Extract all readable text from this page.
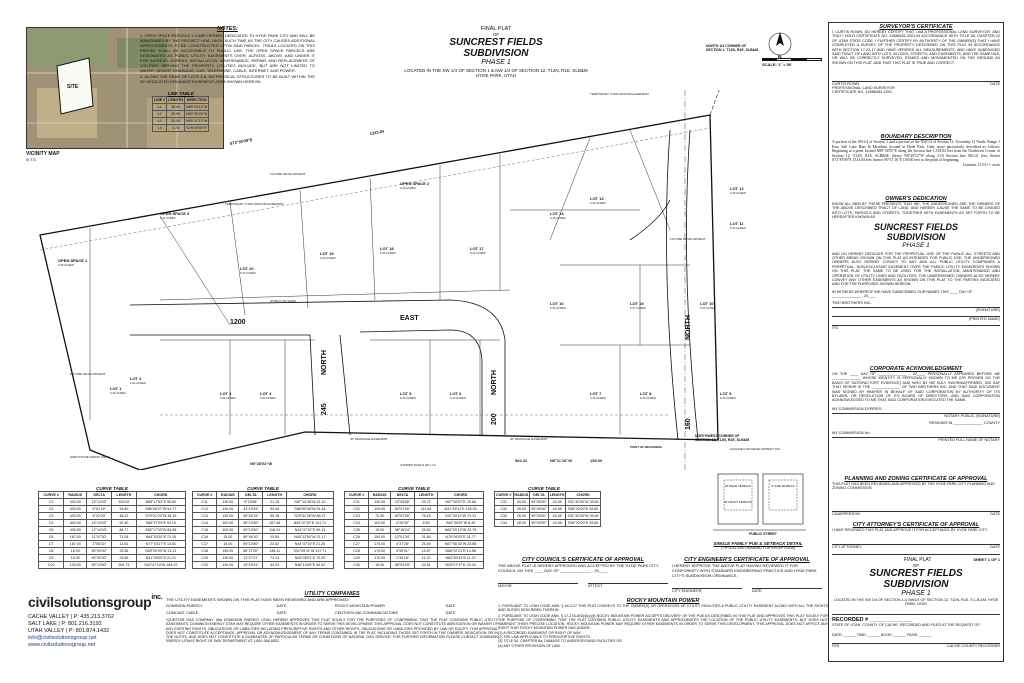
SITE
VICINITY MAP
N.T.S.
NOTES:
1. OPEN SPACE PARCELS 1-3 ARE HEREBY DEDICATED TO HYDE PARK CITY AND WILL BE MAINTAINED BY THE PROJECT HOA, UNTIL SUCH TIME AS THE CITY CAUSES ADDITIONAL IMPROVEMENTS TO BE CONSTRUCTED UPON SAID PARCEL. TRAILS LOCATED ON THIS PARCEL SHALL BE ACCESSIBLE TO PUBLIC USE. THE OPEN SPACE PARCELS ARE DESIGNATED AS PUBLIC UTILITY EASEMENTS OVER, ACROSS, ABOVE, AND UNDER IT FOR INGRESS, EGRESS, INSTALLATION, MAINTENANCE, REPAIR, AND REPLACEMENT OF UTILITIES SERVING THE PROPERTY. UTILITIES INCLUDE, BUT ARE NOT LIMITED TO WATER, SEWER, DRAINAGE, GAS, TELEPHONE, CABLE, INTERNET, AND POWER.
2. ALONG THE REAR OF LOTS 4-8, NO PHYSICAL STRUCTURES TO BE BUILT WITHIN THE 40' DEDICATED DRAINAGE EASEMENT AREA SHOWN HEREON.
LINE TABLE
LINE #	LENGTH	DIRECTION
L1	30.00	N89°24'13"W
L2	30.00	N59°35'26"W
L3	30.00	N59°37'12"W
L4	0.78	N76°49'09"E
FINAL PLAT
OF
SUNCREST FIELDS
SUBDIVISION
PHASE 1
LOCATED IN THE SW 1/4 OF SECTION 1 & NW 1/4 OF SECTION 12, T12N, R1E, SLB&M
HYDE PARK, UTAH
1200
EAST
245
NORTH
200
NORTH
160
NORTH
LOT 1
0.46 ACRES
LOT 2
0.44 ACRES
LOT 3
0.44 ACRES
LOT 4
0.44 ACRES
LOT 5
0.44 ACRES
LOT 6
0.44 ACRES
LOT 7
0.44 ACRES
LOT 8
0.44 ACRES
LOT 9
0.44 ACRES
LOT 10
0.44 ACRES
LOT 11
0.44 ACRES
LOT 12
0.44 ACRES
LOT 13
0.44 ACRES
LOT 14
0.46 ACRES
LOT 15
0.47 ACRES
LOT 16
0.44 ACRES
LOT 17
0.44 ACRES
LOT 18
0.44 ACRES
LOT 19
0.44 ACRES
LOT 20
0.71 ACRES
OPEN SPACE 1
0.35 ACRES
OPEN SPACE 2
0.46 ACRES
OPEN SPACE 3
0.11 ACRES
S72°39'09"E
1343.84
N0°28'52"W
N0°11'16"W	158.00
982.41
FUTURE DEVELOPMENT
FUTURE DEVELOPMENT
FUTURE DEVELOPMENT
TEMPORARY TURN AROUND EASEMENT
TEMPORARY TURN AROUND EASEMENT
40' DRAINAGE EASEMENT	40' DRAINAGE EASEMENT
POINT OF BEGINNING
GREYSTONE FARMS UNIT 2
CHANCELLOR DEVELOPMENT INC.
JUNIPER TRAILS HP, LLC
(PUBLIC 66' WIDE)
SCALE: 1" = 50'
NORTH 1/4 CORNER OF SECTION 1, T12N, R1E, SLB&M
NORTHWEST CORNER OF SECTION 12, T12N, R1E, SLB&M
CURVE TABLE
CURVE #	RADIUS	DELTA	LENGTH	CHORD
C1	433.00	13°14'03"	100.02	N85°17'62"E 99.80
C2	433.00	6°51'15"	51.80	S86°28'27"W 51.77
C3	433.00	6°22'03"	48.22	S79°21'23"W 48.19
C4	400.00	13°14'03"	92.40	S85°17'03"E 92.19
C5	400.00	13°14'03"	84.77	S83°17'03"W 84.58
C6	167.00	11°07'30"	71.26	N84°20'20"E 71.15
C7	167.00	2°06'33"	13.51	N77°43'17"E 13.51
C8	15.00	90°00'00"	23.56	N59°20'00"W 21.21
C9	15.00	90°00'00"	23.56	N31°40'00"E 21.21
C10	133.00	90°13'50"	204.73	S44°47'10"W 184.22
CURVE TABLE
CURVE #	RADIUS	DELTA	LENGTH	CHORD
C11	130.00	9°19'58"	21.15	S87°14'46"W 21.10
C12	130.00	41°10'53"	93.44	S66°00'08"W 91.44
C13	130.00	39°44'19"	90.16	S29°32'26"W 88.37
C14	100.00	90°13'50"	157.48	N44°47'10"E 141.71
C15	100.00	90°13'50"	118.24	N44°47'10"E 99.13
C16	15.00	89°46'10"	23.50	N45°12'50"W 21.17
C17	15.00	90°13'50"	23.62	N44°47'10"E 21.26
C18	130.00	65°27'00"	145.11	S31°09'11"W 137.71
C19	130.00	11°27'21"	71.14	N25°25'21"E 70.29
C20	130.00	19°29'41"	44.23	N46°10'45"E 44.02
CURVE TABLE
CURVE #	RADIUS	DELTA	LENGTH	CHORD
C21	130.00	13°05'58"	29.72	N57°39'57"E 29.66
C22	100.00	63°57'50"	111.64	N31°39'11"E 105.93
C23	70.00	63°57'50"	78.15	S31°39'11"W 74.13
C24	110.00	4°25'30"	8.50	S63°30'51"W 8.49
C25	15.00	98°16'24"	25.82	N62°29'12"W 22.75
C26	100.00	13°01'34"	31.84	N70°09'03"E 31.77
C27	170.00	4°37'28"	25.59	N67°56'30"W 25.56
C28	170.00	4°59'31"	14.57	N66°02'21"E 14.56
C29	170.00	1°40'16"	11.22	N64°35'32"E 11.22
C30	15.00	85°53'33"	22.61	N29°27'47"E 20.34
CURVE TABLE
CURVE #	RADIUS	DELTA	LENGTH	CHORD
C31	28.00	90°00'00"	43.98	S31°40'00"W 39.60
C32	28.00	90°00'00"	43.98	S58°20'00"E 39.60
C33	28.00	90°00'00"	43.98	S31°40'00"W 39.60
C34	28.00	90°00'00"	43.98	S58°20'00"E 39.60
25' REAR SETBACK	8' SIDE SETBACK
25' FRONT SETBACK
PUBLIC STREET
SINGLE FAMILY PUE & SETBACK DETAIL
(TYPICAL SEE DRAWING FOR EXCEPTIONS)
civilsolutionsgroup$^{inc.}$
CACHE VALLEY | P: 435.213.3762
SALT LAKE | P: 801.216.3192
UTAH VALLEY | P: 801.874.1432
info@civilsolutionsgroup.net
www.civilsolutionsgroup.net
UTILITY COMPANIES
THE UTILITY EASEMENTS SHOWN ON THIS PLAT HAVE BEEN REVIEWED AND ARE APPROVED:
DOMINION ENERGY	DATE	ROCKY MOUNTAIN POWER	DATE
COMCAST CABLE	DATE	CENTURYLINK COMMUNICATIONS	DATE
*QUESTAR GAS COMPANY, dba DOMINION ENERGY UTAH, HEREBY APPROVES THIS PLAT SOLELY FOR THE PURPOSES OF CONFIRMING THAT THE PLAT CONTAINS PUBLIC UTILITY EASEMENTS. DOMINION ENERGY UTAH MAY REQUIRE OTHER EASEMENTS IN ORDER TO SERVE THIS DEVELOPMENT. THIS APPROVAL DOES NOT CONSTITUTE ABROGATION OR WAIVER OF ANY EXISTING RIGHTS, OBLIGATIONS OR LIABILITIES INCLUDING PRESCRIPTIVE RIGHTS AND OTHER RIGHTS, OBLIGATIONS OR LIABILITIES PROVIDED BY LAW OR EQUITY. THIS APPROVAL DOES NOT CONSTITUTE ACCEPTANCE, APPROVAL OR ACKNOWLEDGEMENT OF ANY TERMS CONTAINED IN THE PLAT, INCLUDING THOSE SET FORTH IN THE OWNERS DEDICATION OR IN THE NOTES, AND DOES NOT CONSTITUTE A GUARANTEE OF PARTICULAR TERMS OR CONDITIONS OF NATURAL GAS SERVICE. FOR FURTHER INFORMATION PLEASE CONTACT DOMINION ENERGY UTAH'S RIGHT-OF-WAY DEPARTMENT AT 1-800-366-8532.
CITY COUNCIL'S CERTIFICATE OF APPROVAL
THE ABOVE PLAT IS HEREBY APPROVED AND ACCEPTED BY THE HYDE PARK CITY COUNCIL ON THIS ____ DAY OF ______________ , 20____
MAYOR	ATTEST
CITY ENGINEER'S CERTIFICATE OF APPROVAL
I HEREBY APPROVE THE ABOVE PLAT HAVING REVIEWED IT FOR CONFORMITY WITH STANDARD ENGINEERING PRACTICE AND HYDE PARK CITY'S SUBDIVISION ORDINANCE.
CITY ENGINEER	DATE
ROCKY MOUNTAIN POWER
1. PURSUANT TO UTAH CODE ANN. § 54-3-27 THIS PLAT CONVEYS TO THE OWNER(S) OR OPERATORS OF UTILITY FACILITIES A PUBLIC UTILITY EASEMENT ALONG WITH ALL THE RIGHTS AND DUTIES DESCRIBED THEREIN.
2. PURSUANT TO UTAH CODE ANN. § 17-27A-603(4)(c)(ii) ROCKY MOUNTAIN POWER ACCEPTS DELIVERY OF THE PUE AS DESCRIBED IN THIS PLAT AND APPROVES THIS PLAT SOLELY FOR THE PURPOSE OF CONFIRMING THAT THE PLAT CONTAINS PUBLIC UTILITY EASEMENTS AND APPROXIMATES THE LOCATION OF THE PUBLIC UTILITY EASEMENTS, BUT DOES NOT WARRANT THEIR PRECISE LOCATION. ROCKY MOUNTAIN POWER MAY REQUIRE OTHER EASEMENTS IN ORDER TO SERVE THIS DEVELOPMENT. THIS APPROVAL DOES NOT AFFECT ANY RIGHT THAT ROCKY MOUNTAIN POWER HAS UNDER:
(1) A RECORDED EASEMENT OR RIGHT OF WAY
(2) THE LAW APPLICABLE TO PRESCRIPTIVE RIGHTS
(3) TITLE 54, CHAPTER 8a, DAMAGE TO UNDERGROUND FACILITIES OR
(4) ANY OTHER PROVISION OF LAW.
SURVEYOR'S CERTIFICATE
I, CURTIS ROWN, DO HEREBY CERTIFY THAT I AM A PROFESSIONAL LAND SURVEYOR, AND THAT I HOLD CERTIFICATE NO. 12686452-2201 IN ACCORDANCE WITH TITLE 58, CHAPTER 22 OF UTAH STATE CODE. I FURTHER CERTIFY BY AUTHORITY OF THE OWNER(S) THAT I HAVE COMPLETED A SURVEY OF THE PROPERTY DESCRIBED ON THIS PLAT IN ACCORDANCE WITH SECTION 17-23-17 AND HAVE VERIFIED ALL MEASUREMENTS, AND HAVE SUBDIVIDED SAID TRACT OF LAND INTO LOTS, BLOCKS, STREETS, AND EASEMENTS, AND THE SAME HAS, OR WILL BE CORRECTLY SURVEYED, STAKED AND MONUMENTED ON THE GROUND AS SHOWN ON THIS PLAT, AND THAT THIS PLAT IS TRUE AND CORRECT.
CURTIS ROWN	DATE
PROFESSIONAL LAND SURVEYOR
CERTIFICATE NO. 12686452-2201
BOUNDARY DESCRIPTION
A portion of the SW1/4 of Section 1 and a portion of the NW1/4 of Section 12, Township 12 North, Range 1 East, Salt Lake Base & Meridian, located in Hyde Park, Utah, more particularly described as follows: Beginning at a point located N89°54'05"E along the Section line 1,318.82 feet from the Northwest Corner of Section 12, T12N, R1E, SLB&M; thence N0°28'52"W along 1/16 Section line 982.41 feet; thence S72°39'09"E 1343.84 feet; thence S0°11'16"E 158.00 feet to the point of beginning.
Contains 13.54 +/- acres
OWNER'S DEDICATION
KNOW ALL MEN BY THESE PRESENTS THAT WE, THE UNDERSIGNED ARE THE OWNERS OF THE ABOVE DESCRIBED TRACT OF LAND, AND HEREBY CAUSE THE SAME TO BE DIVIDED INTO LOTS, PARCELS AND STREETS, TOGETHER WITH EASEMENTS AS SET FORTH TO BE HEREAFTER KNOWN AS
SUNCREST FIELDS
SUBDIVISION
PHASE 1
AND DO HEREBY DEDICATE FOR THE PERPETUAL USE OF THE PUBLIC ALL STREETS AND OTHER AREAS SHOWN ON THIS PLAT AS INTENDED FOR PUBLIC USE. THE UNDERSIGNED OWNERS ALSO HEREBY CONVEY TO ANY AND ALL PUBLIC UTILITY COMPANIES A PERPETUAL, NON-EXCLUSIVE EASEMENT OVER THE PUBLIC UTILITY EASEMENTS SHOWN ON THIS PLAT, THE SAME TO BE USED FOR THE INSTALLATION, MAINTENANCE AND OPERATION OF UTILITY LINES AND FACILITIES. THE UNDERSIGNED OWNERS ALSO HEREBY CONVEY ANY OTHER EASEMENTS AS SHOWN ON THIS PLAT TO THE PARTIES INDICATED AND FOR THE PURPOSES SHOWN HEREON.
IN WITNESS WHEREOF WE HAVE SUBSCRIBED OUR NAMES THIS ____ DAY OF ______________ , 20____
TWO BROTHERS INC.
(SIGNATURE)
(PRINTED NAME)
ITS
CORPORATE ACKNOWLEDGMENT
ON THE ____ DAY OF ______________ , 20____ PERSONALLY APPEARED BEFORE ME ______________ WHOSE IDENTITY IS PERSONALLY KNOWN TO ME (OR PROVEN ON THE BASIS OF SATISFACTORY EVIDENCE) AND WHO BY ME DULY SWORN/AFFIRMED, DID SAY THAT HE/SHE IS THE ______________ OF TWO BROTHERS INC. AND THAT SAID DOCUMENT WAS SIGNED BY HIM/HER IN BEHALF OF SAID CORPORATION BY AUTHORITY OF ITS BYLAWS, OR RESOLUTION OF ITS BOARD OF DIRECTORS, AND SAID CORPORATION ACKNOWLEDGED TO ME THAT SAID CORPORATION EXECUTED THE SAME.
MY COMMISSION EXPIRES:
NOTARY PUBLIC (SIGNATURE)
RESIDING IN ______________ COUNTY
MY COMMISSION No.
PRINTED FULL NAME OF NOTARY
PLANNING AND ZONING CERTIFICATE OF APPROVAL
THIS PLAT HAS BEEN REVIEWED AND APPROVED BY THE HYDE PARK CITY PLANNING AND ZONING COMMISSION.
CHAIRPERSON	DATE
CITY ATTORNEY'S CERTIFICATE OF APPROVAL
I HAVE REVIEWED THIS PLAT AND APPROVE IT FOR ACCEPTANCE BY HYDE PARK CITY.
CITY ATTORNEY	DATE
FINAL PLAT	SHEET 1 OF 1
OF
SUNCREST FIELDS
SUBDIVISION
PHASE 1
LOCATED IN THE SW 1/4 OF SECTION 1 & NW1/4 OF SECTION 12, T12N, R1E, S.L.B.&M. HYDE PARK, UTAH
RECORDED # ______________
STATE OF UTAH, COUNTY OF CACHE, RECORDED AND FILED AT THE REQUEST OF:
DATE: ______ TIME: ______ BOOK: ______ PAGE: ______
FEE	CACHE COUNTY RECORDER
